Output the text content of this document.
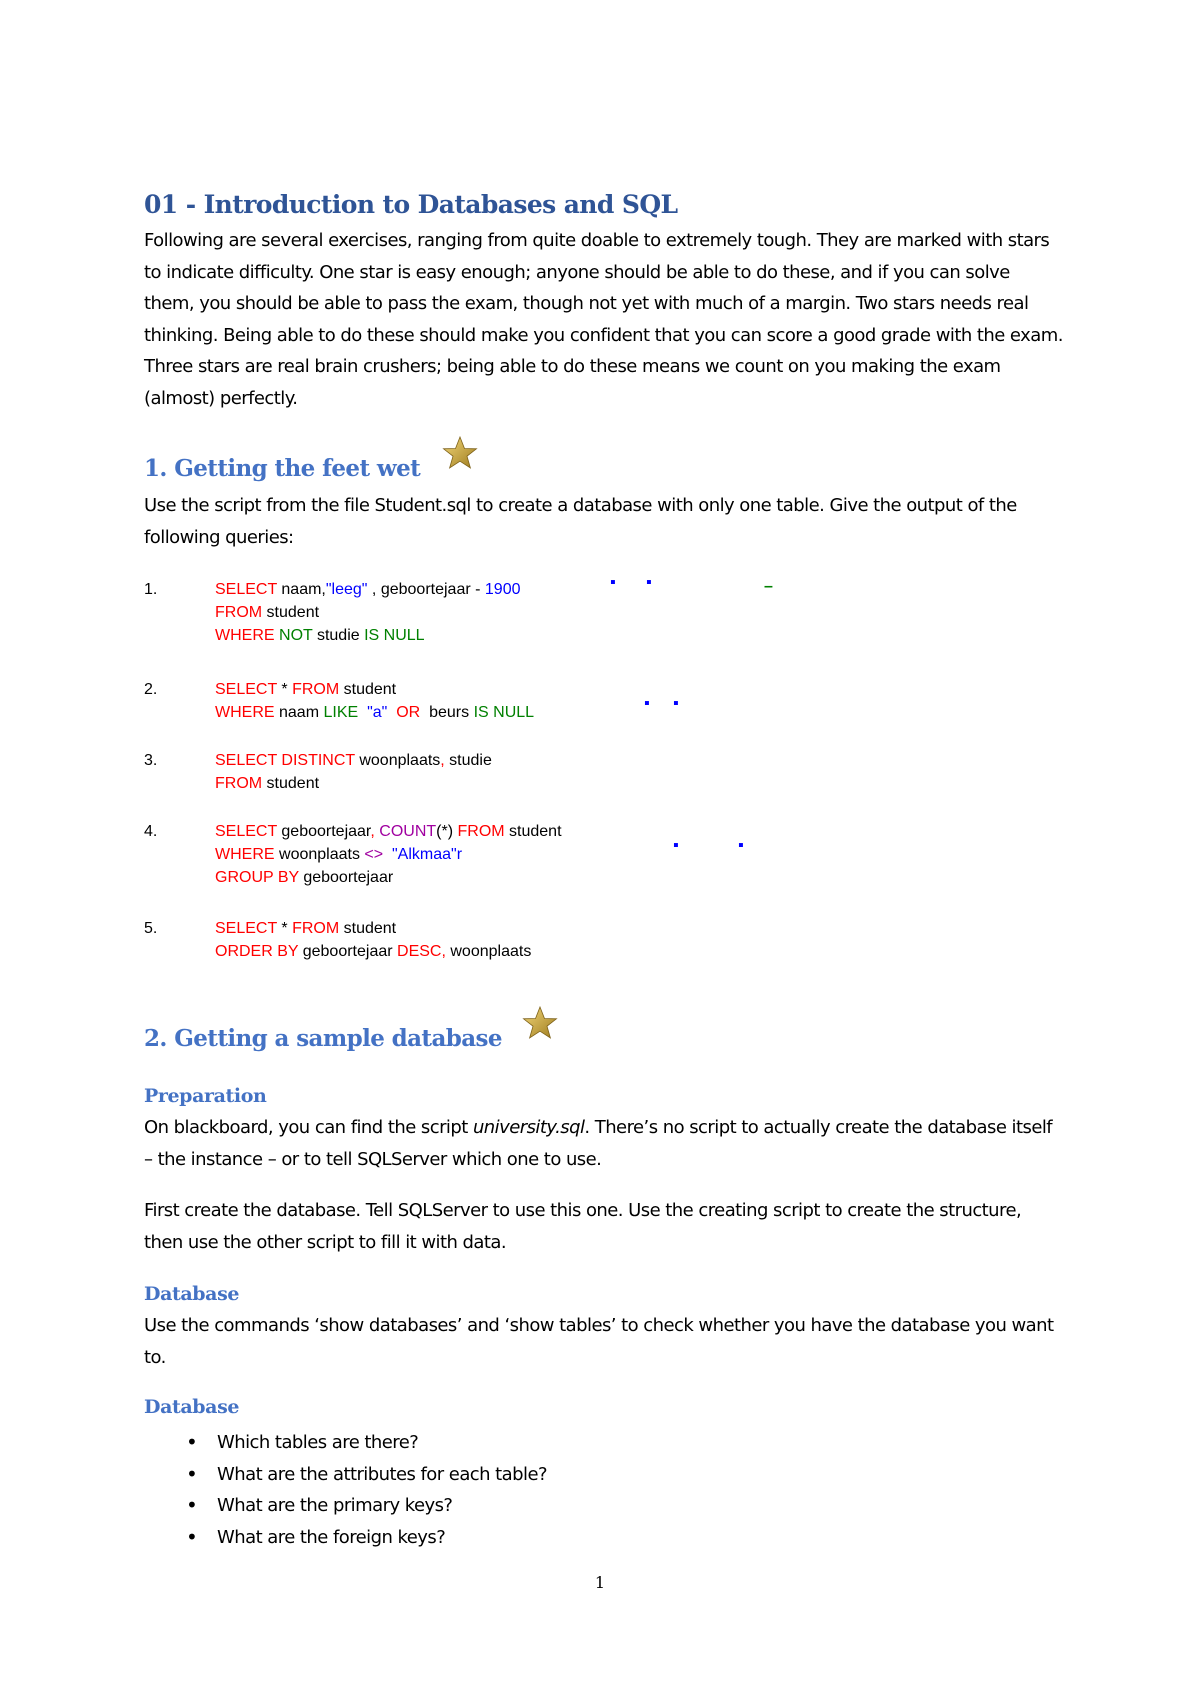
01 - Introduction to Databases and SQL

Following are several exercises, ranging from quite doable to extremely tough. They are marked with stars to indicate difficulty. One star is easy enough; anyone should be able to do these, and if you can solve them, you should be able to pass the exam, though not yet with much of a margin. Two stars needs real thinking. Being able to do these should make you confident that you can score a good grade with the exam. Three stars are real brain crushers; being able to do these means we count on you making the exam (almost) perfectly.

1. Getting the feet wet

Use the script from the file Student.sql to create a database with only one table. Give the output of the following queries:

1.	SELECT naam,"leeg" , geboortejaar - 1900
FROM student
WHERE NOT studie IS NULL
2.	SELECT * FROM student
WHERE naam LIKE "a" OR  beurs IS NULL
3.	SELECT DISTINCT woonplaats, studie
FROM student
4.	SELECT geboortejaar, COUNT(*) FROM student
WHERE woonplaats <> "Alkmaa"r
GROUP BY geboortejaar
5.	SELECT * FROM student
ORDER BY geboortejaar DESC, woonplaats
▪ ▪	–
▪ ▪
▪	▪
2. Getting a sample database
Preparation

On blackboard, you can find the script university.sql. There’s no script to actually create the database itself – the instance – or to tell SQLServer which one to use.

First create the database. Tell SQLServer to use this one. Use the creating script to create the structure, then use the other script to fill it with data.

Database

Use the commands ‘show databases’ and ‘show tables’ to check whether you have the database you want to.

Database
• Which tables are there?
• What are the attributes for each table?
• What are the primary keys?
• What are the foreign keys?
1
